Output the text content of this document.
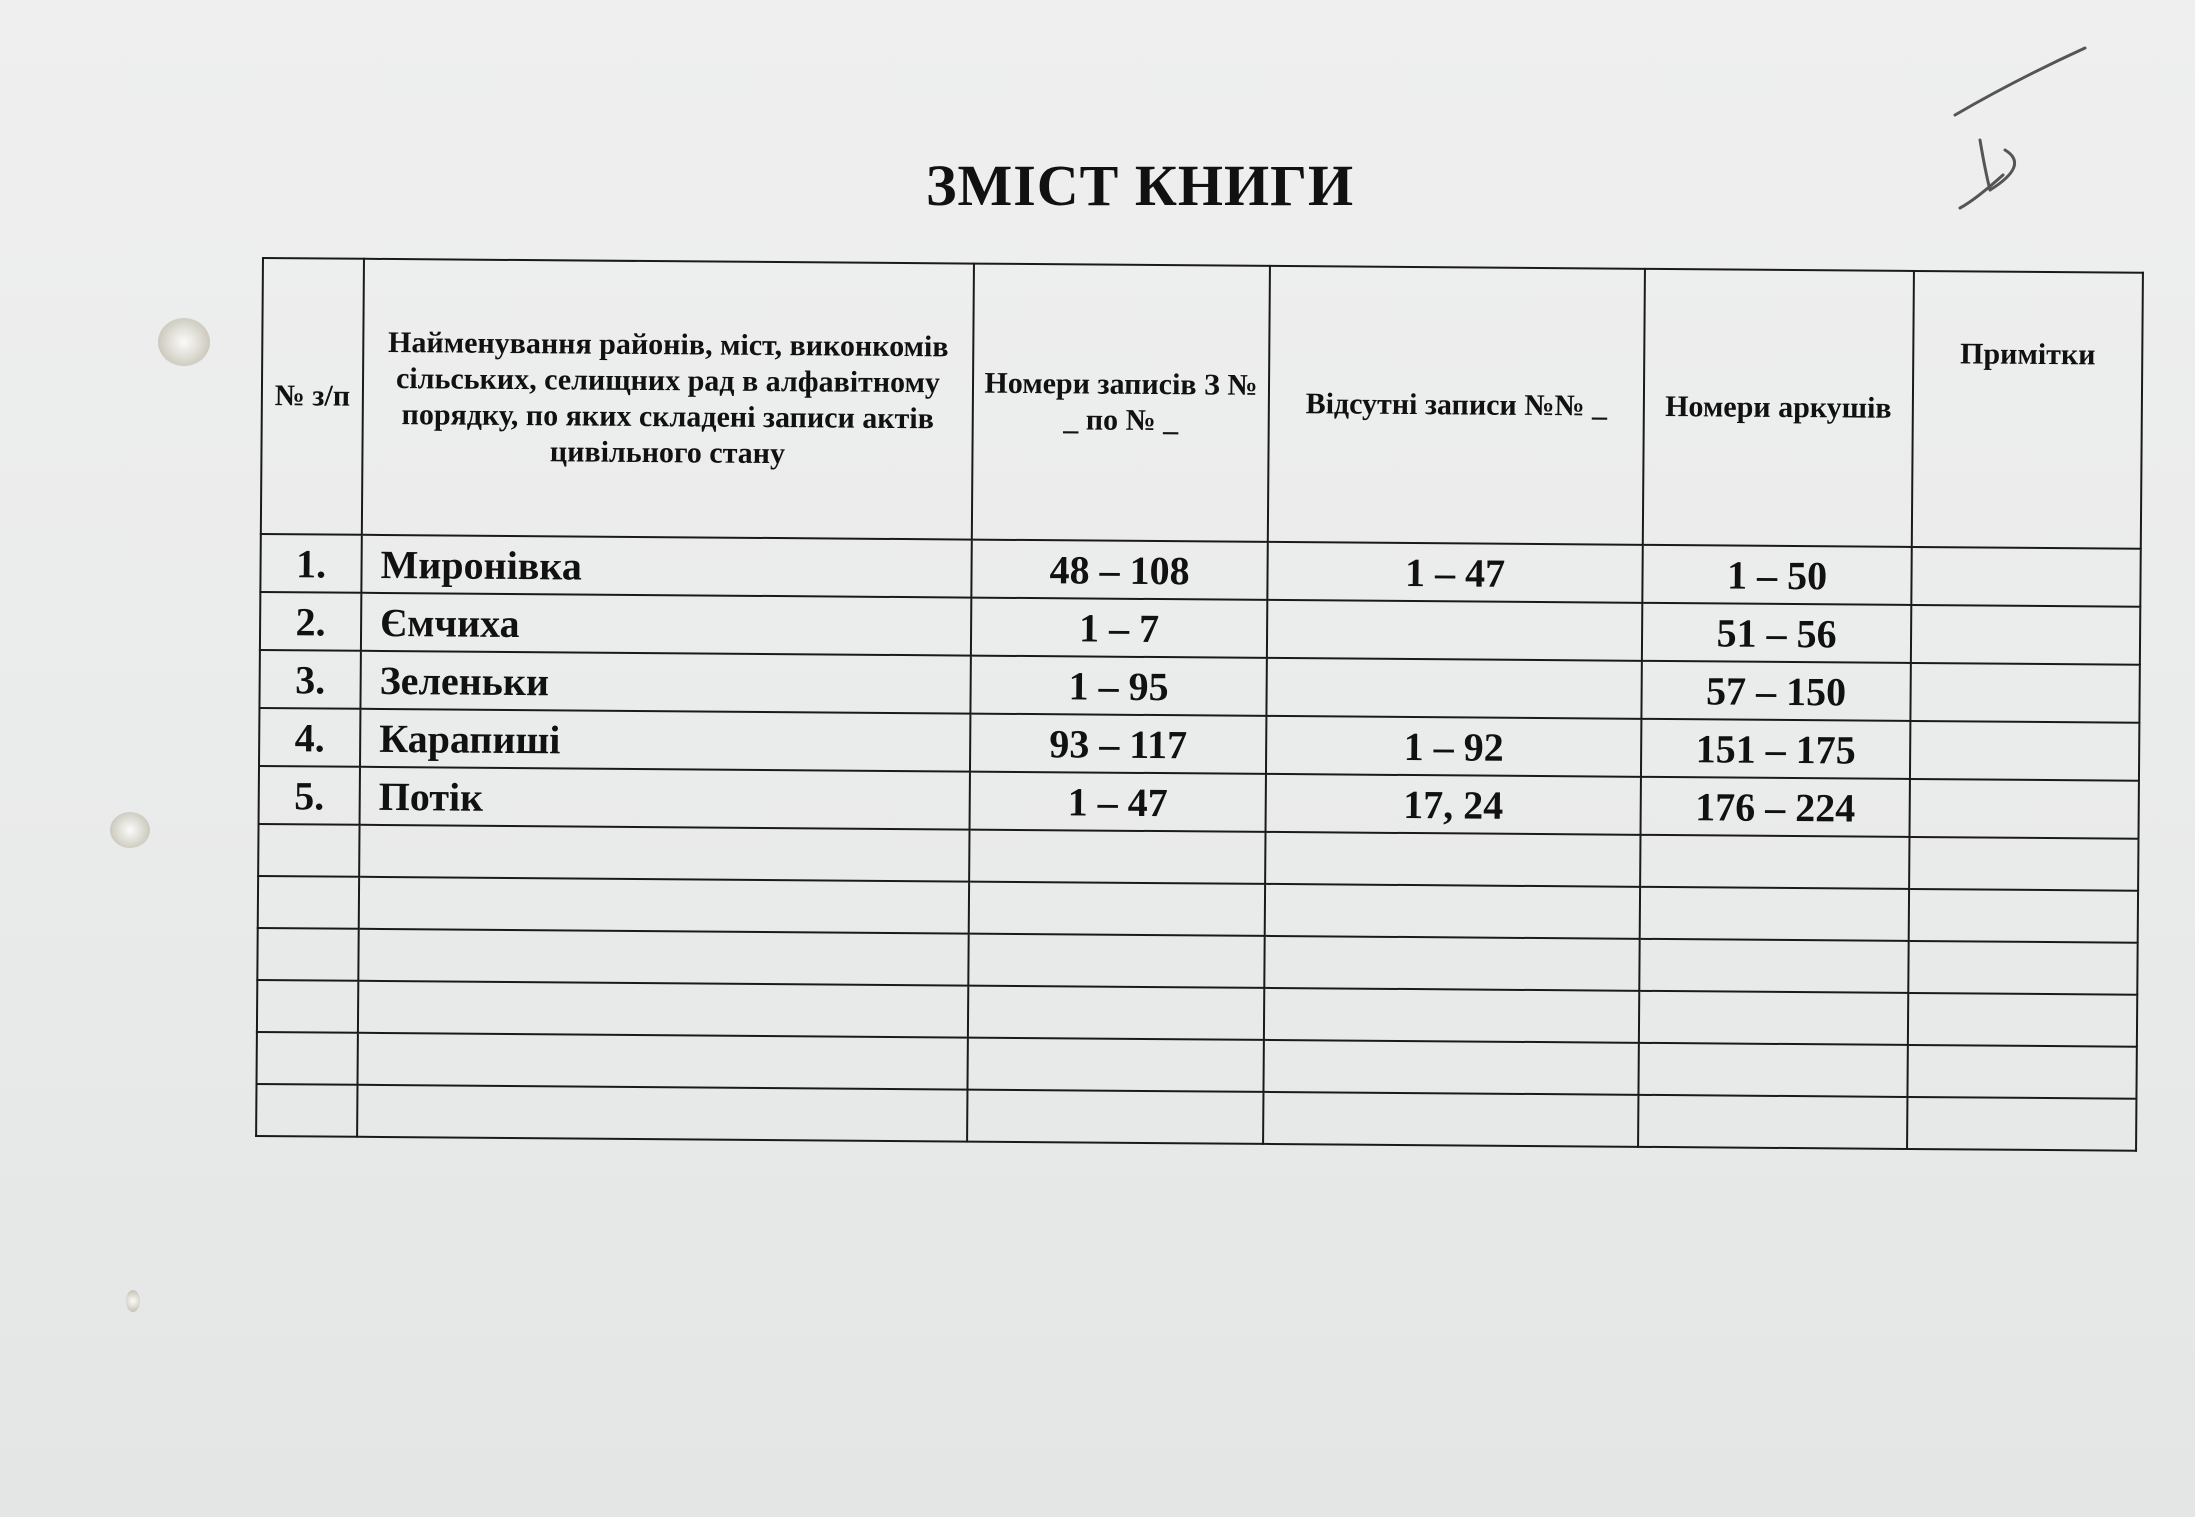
ЗМІСТ КНИГИ
№ з/п	Найменування районів, міст, виконкомів сільських, селищних рад в алфавітному порядку, по яких складені записи актів цивільного стану	Номери записів З № _ по № _	Відсутні записи №№ _	Номери аркушів	Примітки
1.	Миронівка	48 – 108	1 – 47	1 – 50	
2.	Ємчиха	1 – 7		51 – 56	
3.	Зеленьки	1 – 95		57 – 150	
4.	Карапиші	93 – 117	1 – 92	151 – 175	
5.	Потік	1 – 47	17, 24	176 – 224	
